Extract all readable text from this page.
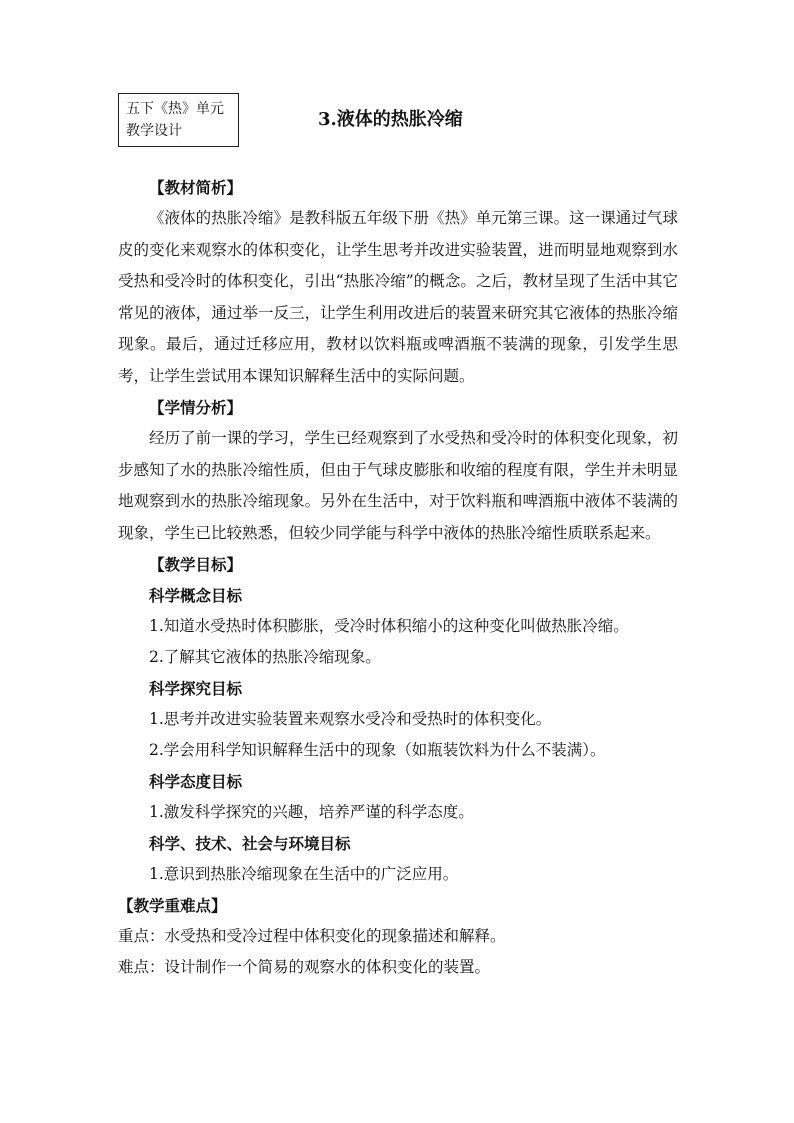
五下《热》单元
教学设计
3.液体的热胀冷缩
【教材简析】

《液体的热胀冷缩》是教科版五年级下册《热》单元第三课。这一课通过气球皮的变化来观察水的体积变化，让学生思考并改进实验装置，进而明显地观察到水受热和受冷时的体积变化，引出“热胀冷缩”的概念。之后，教材呈现了生活中其它常见的液体，通过举一反三，让学生利用改进后的装置来研究其它液体的热胀冷缩现象。最后，通过迁移应用，教材以饮料瓶或啤酒瓶不装满的现象，引发学生思考，让学生尝试用本课知识解释生活中的实际问题。

【学情分析】

经历了前一课的学习，学生已经观察到了水受热和受冷时的体积变化现象，初步感知了水的热胀冷缩性质，但由于气球皮膨胀和收缩的程度有限，学生并未明显地观察到水的热胀冷缩现象。另外在生活中，对于饮料瓶和啤酒瓶中液体不装满的现象，学生已比较熟悉，但较少同学能与科学中液体的热胀冷缩性质联系起来。

【教学目标】
科学概念目标
1.知道水受热时体积膨胀，受冷时体积缩小的这种变化叫做热胀冷缩。
2.了解其它液体的热胀冷缩现象。
科学探究目标
1.思考并改进实验装置来观察水受冷和受热时的体积变化。
2.学会用科学知识解释生活中的现象（如瓶装饮料为什么不装满）。
科学态度目标
1.激发科学探究的兴趣，培养严谨的科学态度。
科学、技术、社会与环境目标
1.意识到热胀冷缩现象在生活中的广泛应用。
【教学重难点】
重点：水受热和受冷过程中体积变化的现象描述和解释。
难点：设计制作一个简易的观察水的体积变化的装置。
